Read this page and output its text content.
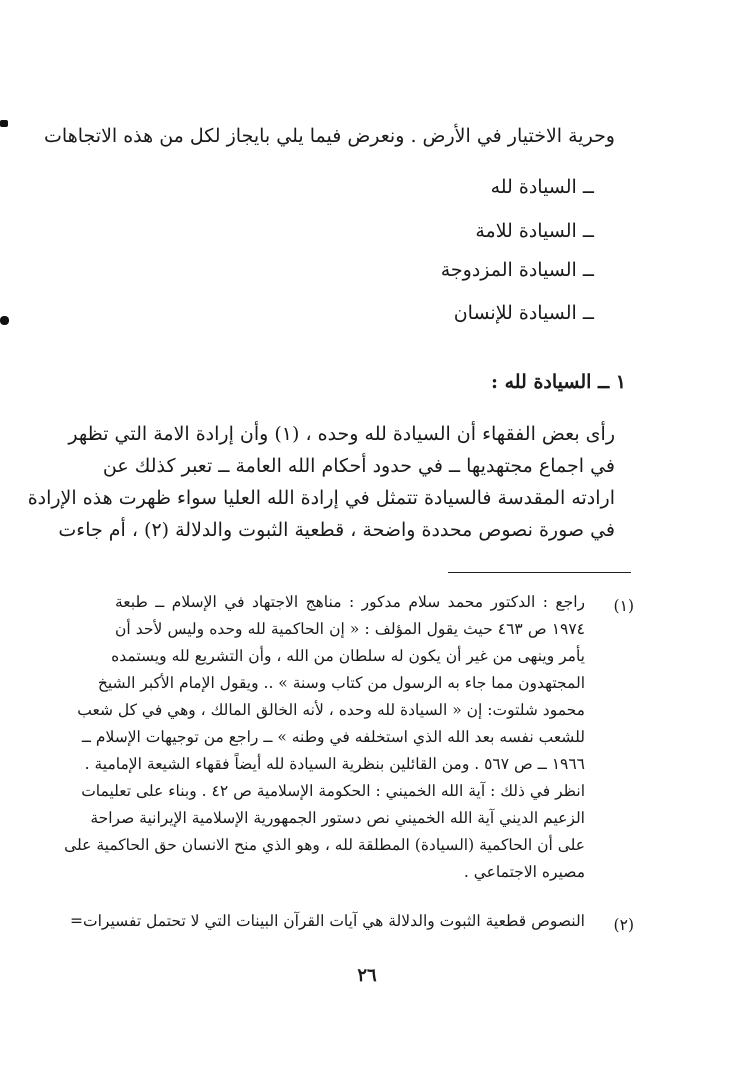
وحرية الاختيار في الأرض . ونعرض فيما يلي بايجاز لكل من هذه الاتجاهات
ــ السيادة لله
ــ السيادة للامة
ــ السيادة المزدوجة
ــ السيادة للإنسان
١ ــ السيادة لله :
رأى بعض الفقهاء أن السيادة لله وحده ، (١) وأن إرادة الامة التي تظهر
في اجماع مجتهديها ــ في حدود أحكام الله العامة ــ تعبر كذلك عن
ارادته المقدسة فالسيادة تتمثل في إرادة الله العليا سواء ظهرت هذه الإرادة
في صورة نصوص محددة واضحة ، قطعية الثبوت والدلالة (٢) ، أم جاءت
(١)
راجع : الدكتور محمد سلام مدكور : مناهج الاجتهاد في الإسلام ــ طبعة
١٩٧٤ ص ٤٦٣ حيث يقول المؤلف : « إن الحاكمية لله وحده وليس لأحد أن
يأمر وينهى من غير أن يكون له سلطان من الله ، وأن التشريع لله ويستمده
المجتهدون مما جاء به الرسول من كتاب وسنة » .. ويقول الإمام الأكبر الشيخ
محمود شلتوت: إن « السيادة لله وحده ، لأنه الخالق المالك ، وهي في كل شعب
للشعب نفسه بعد الله الذي استخلفه في وطنه » ــ راجع من توجيهات الإسلام ــ
١٩٦٦ ــ ص ٥٦٧ . ومن القائلين بنظرية السيادة لله أيضاً فقهاء الشيعة الإمامية .
انظر في ذلك : آية الله الخميني : الحكومة الإسلامية ص ٤٢ . وبناء على تعليمات
الزعيم الديني آية الله الخميني نص دستور الجمهورية الإسلامية الإيرانية صراحة
على أن الحاكمية (السيادة) المطلقة لله ، وهو الذي منح الانسان حق الحاكمية على
مصيره الاجتماعي .
(٢)
النصوص قطعية الثبوت والدلالة هي آيات القرآن البينات التي لا تحتمل تفسيرات=
٢٦
